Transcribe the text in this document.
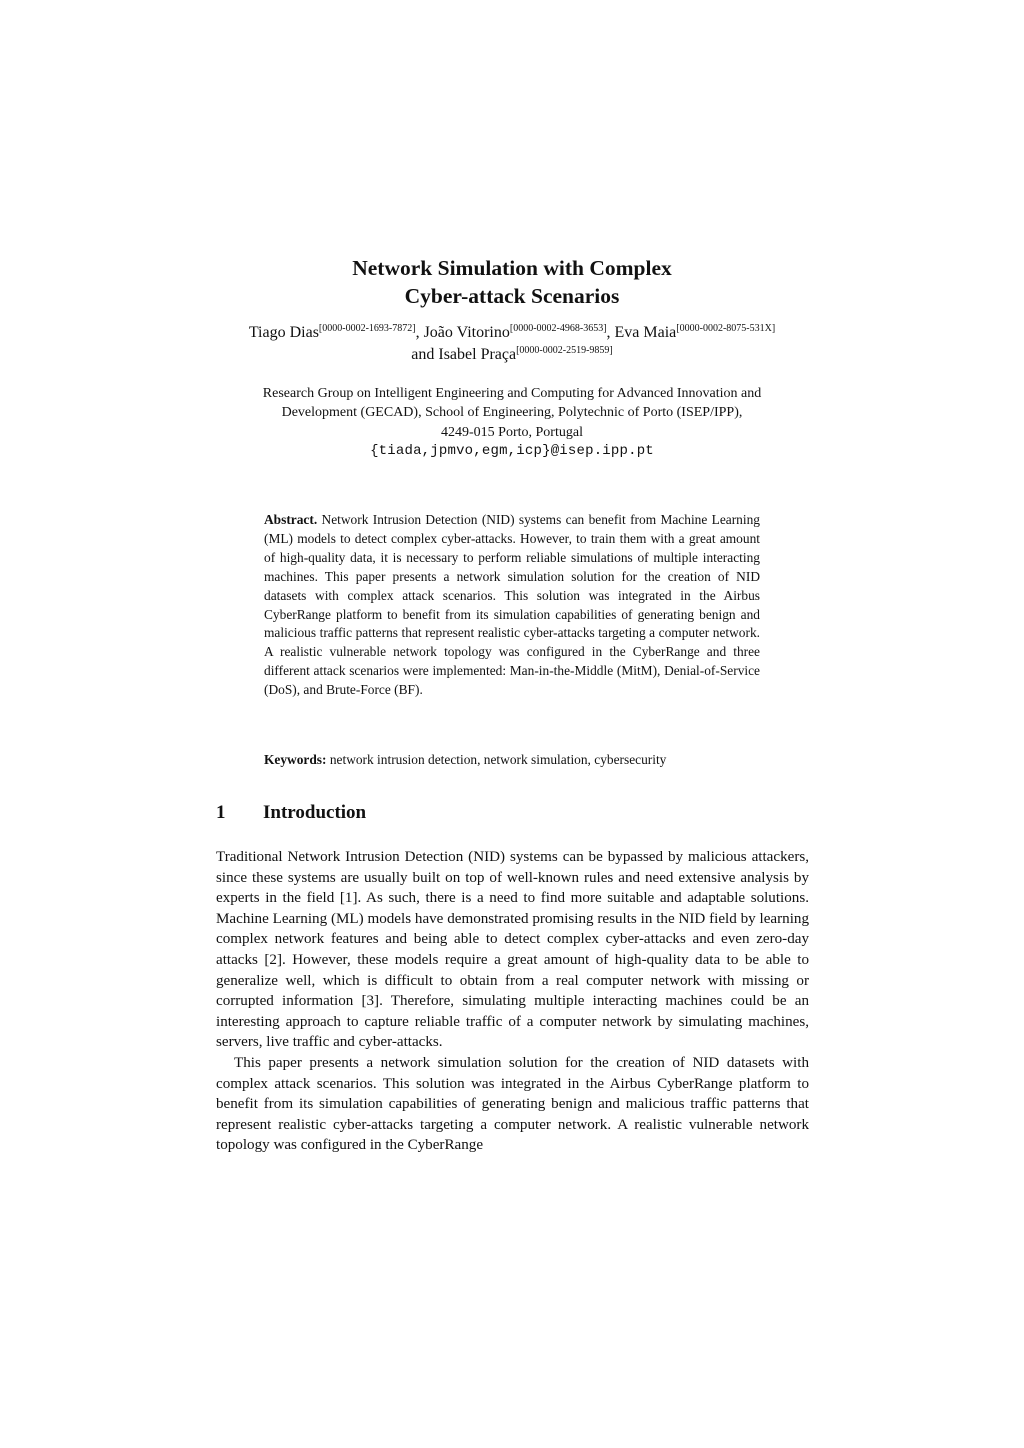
Network Simulation with Complex
Cyber-attack Scenarios
Tiago Dias[0000-0002-1693-7872], João Vitorino[0000-0002-4968-3653], Eva Maia[0000-0002-8075-531X]
and Isabel Praça[0000-0002-2519-9859]
Research Group on Intelligent Engineering and Computing for Advanced Innovation and
Development (GECAD), School of Engineering, Polytechnic of Porto (ISEP/IPP),
4249-015 Porto, Portugal
{tiada,jpmvo,egm,icp}@isep.ipp.pt

Abstract. Network Intrusion Detection (NID) systems can benefit from Machine Learning (ML) models to detect complex cyber-attacks. However, to train them with a great amount of high-quality data, it is necessary to perform reliable simulations of multiple interacting machines. This paper presents a network simulation solution for the creation of NID datasets with complex attack scenarios. This solution was integrated in the Airbus CyberRange platform to benefit from its simulation capabilities of generating benign and malicious traffic patterns that represent realistic cyber-attacks targeting a computer network. A realistic vulnerable network topology was configured in the CyberRange and three different attack scenarios were implemented: Man-in-the-Middle (MitM), Denial-of-Service (DoS), and Brute-Force (BF).

Keywords: network intrusion detection, network simulation, cybersecurity
1 Introduction

Traditional Network Intrusion Detection (NID) systems can be bypassed by malicious attackers, since these systems are usually built on top of well-known rules and need extensive analysis by experts in the field [1]. As such, there is a need to find more suitable and adaptable solutions. Machine Learning (ML) models have demonstrated promising results in the NID field by learning complex network features and being able to detect complex cyber-attacks and even zero-day attacks [2]. However, these models require a great amount of high-quality data to be able to generalize well, which is difficult to obtain from a real computer network with missing or corrupted information [3]. Therefore, simulating multiple interacting machines could be an interesting approach to capture reliable traffic of a computer network by simulating machines, servers, live traffic and cyber-attacks.

This paper presents a network simulation solution for the creation of NID datasets with complex attack scenarios. This solution was integrated in the Airbus CyberRange platform to benefit from its simulation capabilities of generating benign and malicious traffic patterns that represent realistic cyber-attacks targeting a computer network. A realistic vulnerable network topology was configured in the CyberRange
